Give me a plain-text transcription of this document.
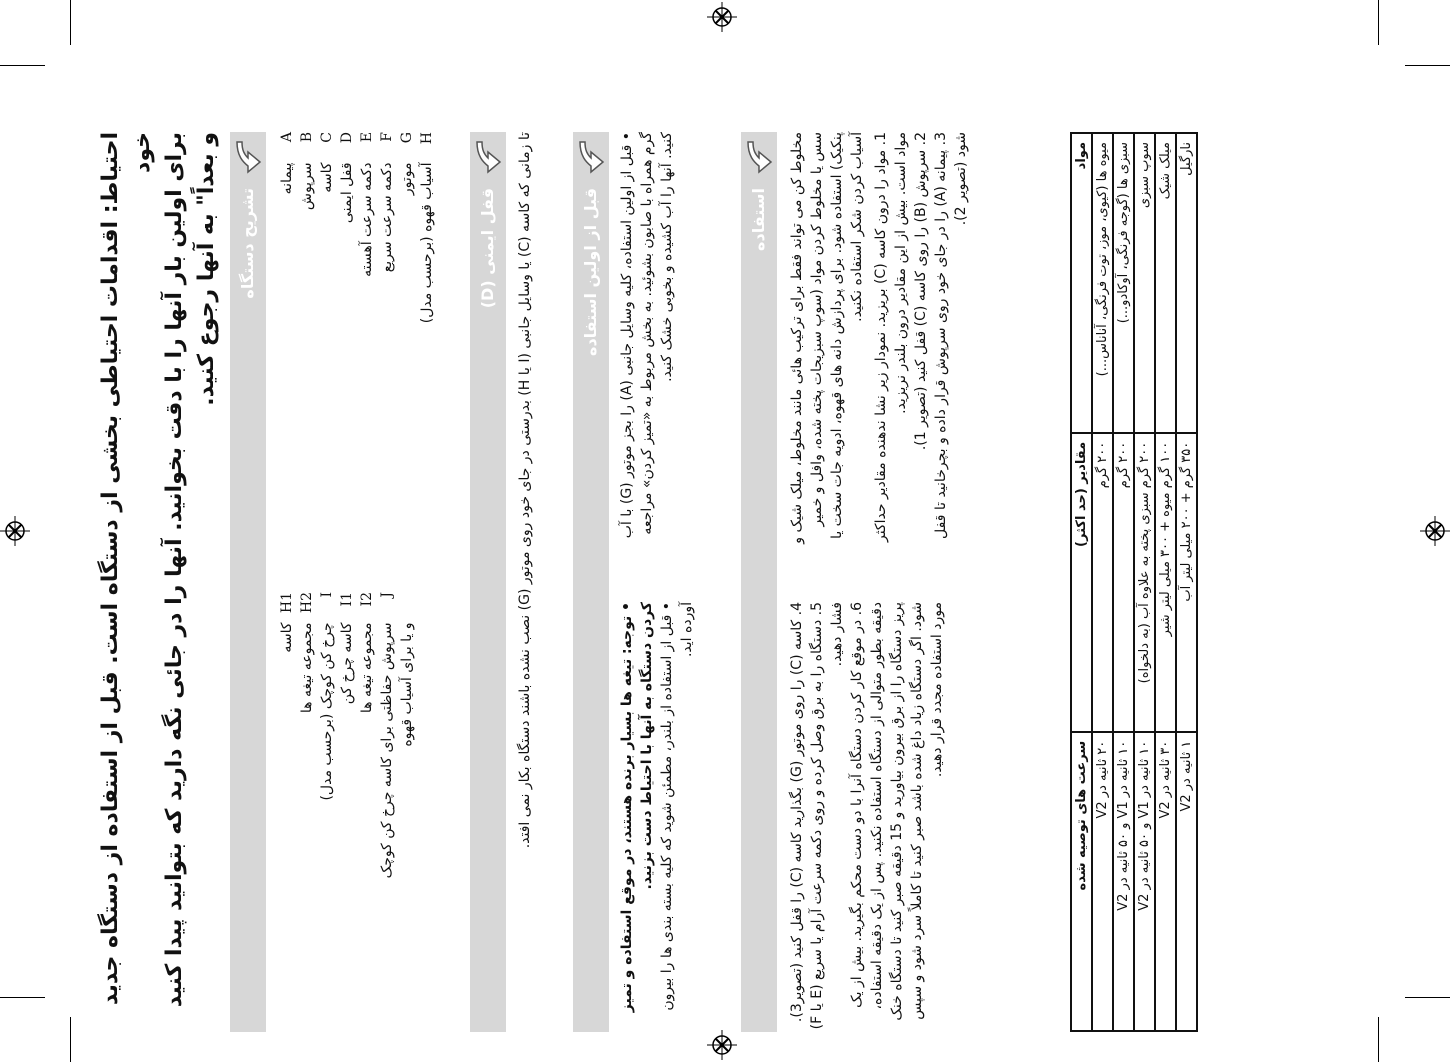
احتیاط: اقدامات احتیاطی بخشی از دستگاه است. قبل از استفاده از دستگاه جدید خود برای اولین بار آنها را با دقت بخوانید. آنها را در جائی نگه دارید که بتوانید پیدا کنید و بعداً" به آنها رجوع کنید.	تشریح دستگاه
A پیمانه
B سرپوش
C کاسه
D قفل ایمنی
E دکمه سرعت آهسته
F دکمه سرعت سریع
G موتور
H آسیاب قهوه (برحسب مدل)
H1 کاسه
H2 مجموعه تیغه ها
I چرخ کن کوچک (برحسب مدل)
I1 کاسه چرخ کن
I2 مجموعه تیغه ها
J سرپوش حفاظتی برای کاسه چرخ کن کوچک و یا برای آسیاب قهوه
قفل ایمنی (D)
تا زمانی که کاسه (C) یا وسایل جانبی (I یا H) بدرستی در جای خود روی موتور (G) نصب نشده باشند دستگاه بکار نمی افتد.
قبل از اولین استفاده
• قبل از اولین استفاده، کلیه وسایل جانبی (A) را بجز موتور (G) با آب گرم همراه با صابون بشوئید. به بخش مربوط به «تمیز کردن» مراجعه کنید. آنها را آب کشیده و بخوبی خشک کنید.
• توجه: تیغه ها بسیار برنده هستند، در موقع استفاده و تمیز کردن دستگاه به آنها با احتیاط دست بزنید. • قبل از استفاده از بلندر، مطمئن شوید که کلیه بسته بندی ها را بیرون آورده اید.
استفاده	مخلوط کن می تواند فقط برای ترکیب هائی مانند مخلوط، میلک شیک و سس یا مخلوط کردن مواد (سوپ سبزیجات پخته شده، وافل و خمیر پنکیک) استفاده شود. برای پردازش دانه های قهوه، ادویه جات سخت یا آسیاب کردن شکر استفاده نکنید.
1. مواد را درون کاسه (C) بریزید. نمودار زیر نشا ندهنده مقادیر حداکثر مواد است. بیش از این مقادیر درون بلندر نریزید.
2. سرپوش (B) را روی کاسه (C) قفل کنید (تصویر 1).
3. پیمانه (A) را در جای خود روی سرپوش قرار داده و بچرخانید تا قفل شود (تصویر 2).
4. کاسه (C) را روی موتور (G) بگذارید کاسه (C) را قفل کنید (تصویر3).
5. دستگاه را به برق وصل کرده و روی دکمه سرعت آرام یا سریع (E یا F) فشار دهید. 6. در موقع کار کردن دستگاه آنرا با دو دست محکم بگیرید. بیش از یک دقیقه بطور متوالی از دستگاه استفاده نکنید. پس از یک دقیقه استفاده، پریز دستگاه را از برق بیرون بیاورید و 15 دقیقه صبر کنید تا دستگاه خنک شود. اگر دستگاه زیاد داغ شده باشد صبر کنید تا کاملاً سرد شود و سپس مورد استفاده مجدد قرار دهید.
مواد	مقادیر (حد اکثر)	سرعت های توصیه شده
میوه ها (کیوی، موز، توت فرنگی، آناناس...)	۲۰۰ گرم	۲۰ ثانیه در V2
سبزی ها (گوجه فرنگی، آوکادو...)	۲۰۰ گرم	۱۰ ثانیه در V1 و ۵۰ ثانیه در V2
سوپ سبزی	۲۰۰ گرم سبزی پخته به علاوه آب (به دلخواه)	۱۰ ثانیه در V1 و ۵۰ ثانیه در V2
میلک شیک	۱۰۰ گرم میوه + ۳۰۰ میلی لیتر شیر	۳۰ ثانیه در V2
نارگیل	۳۵۰ گرم + ۲۰۰ میلی لیتر آب	۱ ثانیه در V2
